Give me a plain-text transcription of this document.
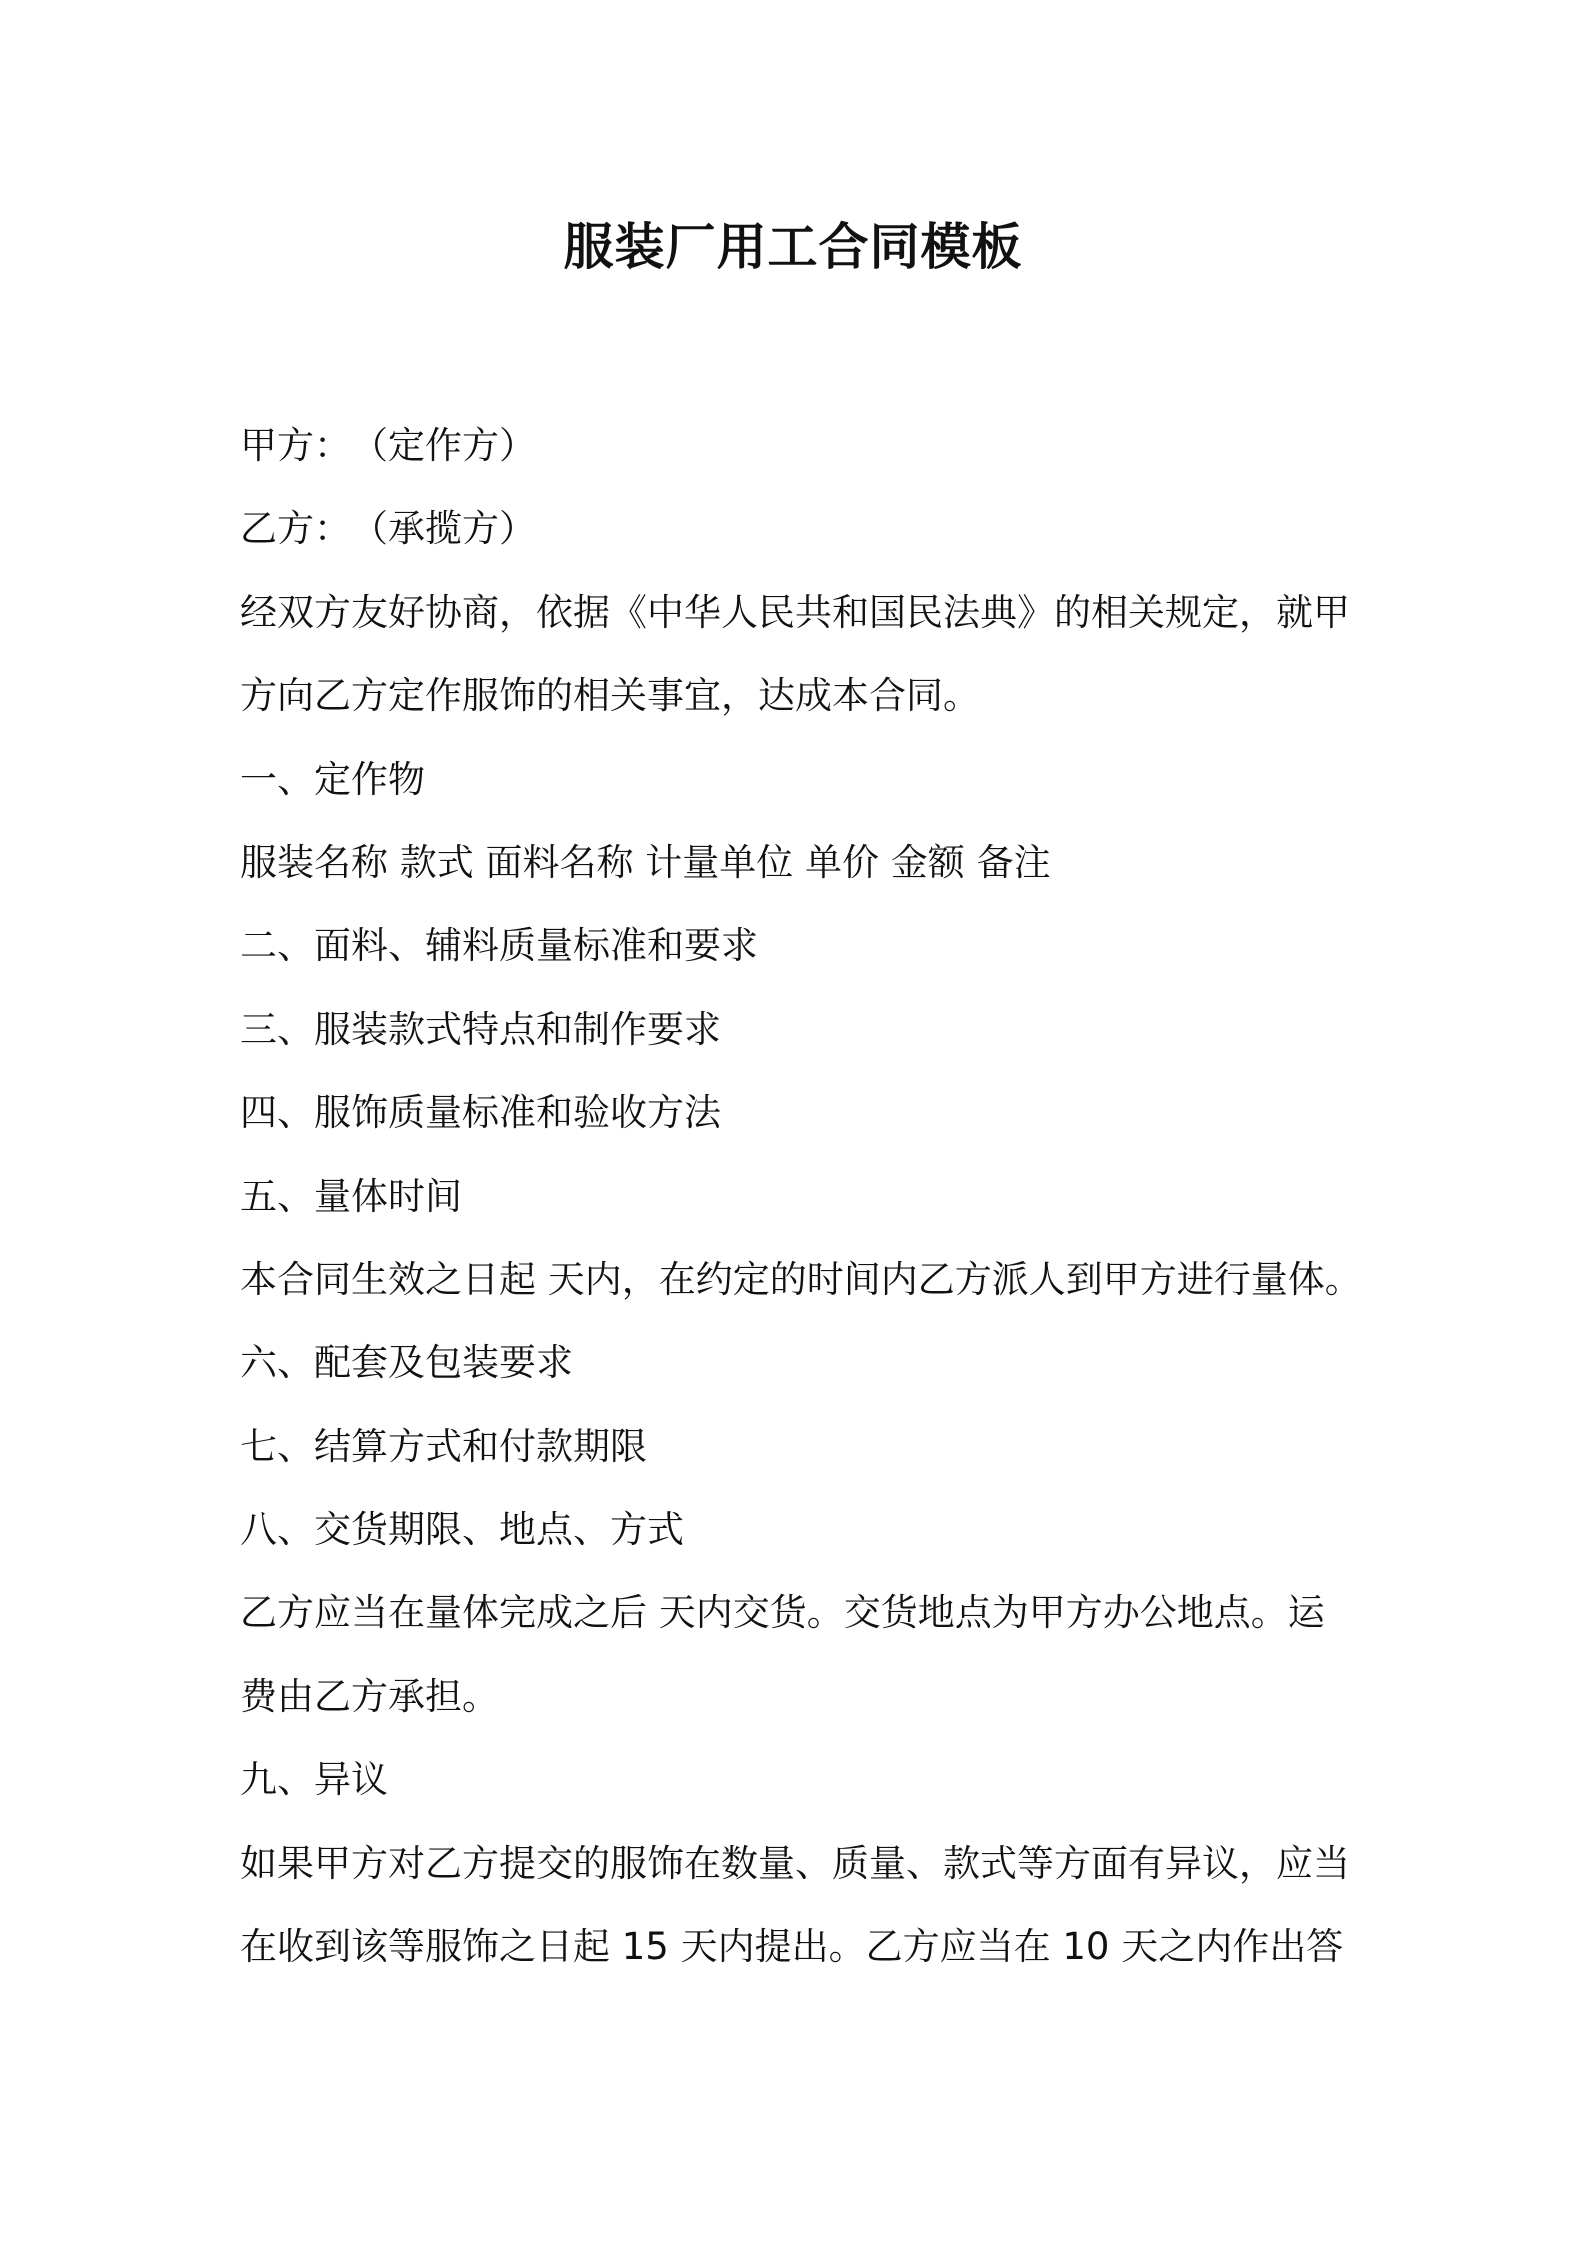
服装厂用工合同模板

甲方：　（定作方）

乙方：　（承揽方）

经双方友好协商，依据《中华人民共和国民法典》的相关规定，就甲

方向乙方定作服饰的相关事宜，达成本合同。

一、定作物

服装名称 款式 面料名称 计量单位 单价 金额 备注

二、面料、辅料质量标准和要求

三、服装款式特点和制作要求

四、服饰质量标准和验收方法

五、量体时间

本合同生效之日起 天内，在约定的时间内乙方派人到甲方进行量体。

六、配套及包装要求

七、结算方式和付款期限

八、交货期限、地点、方式

乙方应当在量体完成之后 天内交货。交货地点为甲方办公地点。运

费由乙方承担。

九、异议

如果甲方对乙方提交的服饰在数量、质量、款式等方面有异议，应当

在收到该等服饰之日起 15 天内提出。乙方应当在 10 天之内作出答
